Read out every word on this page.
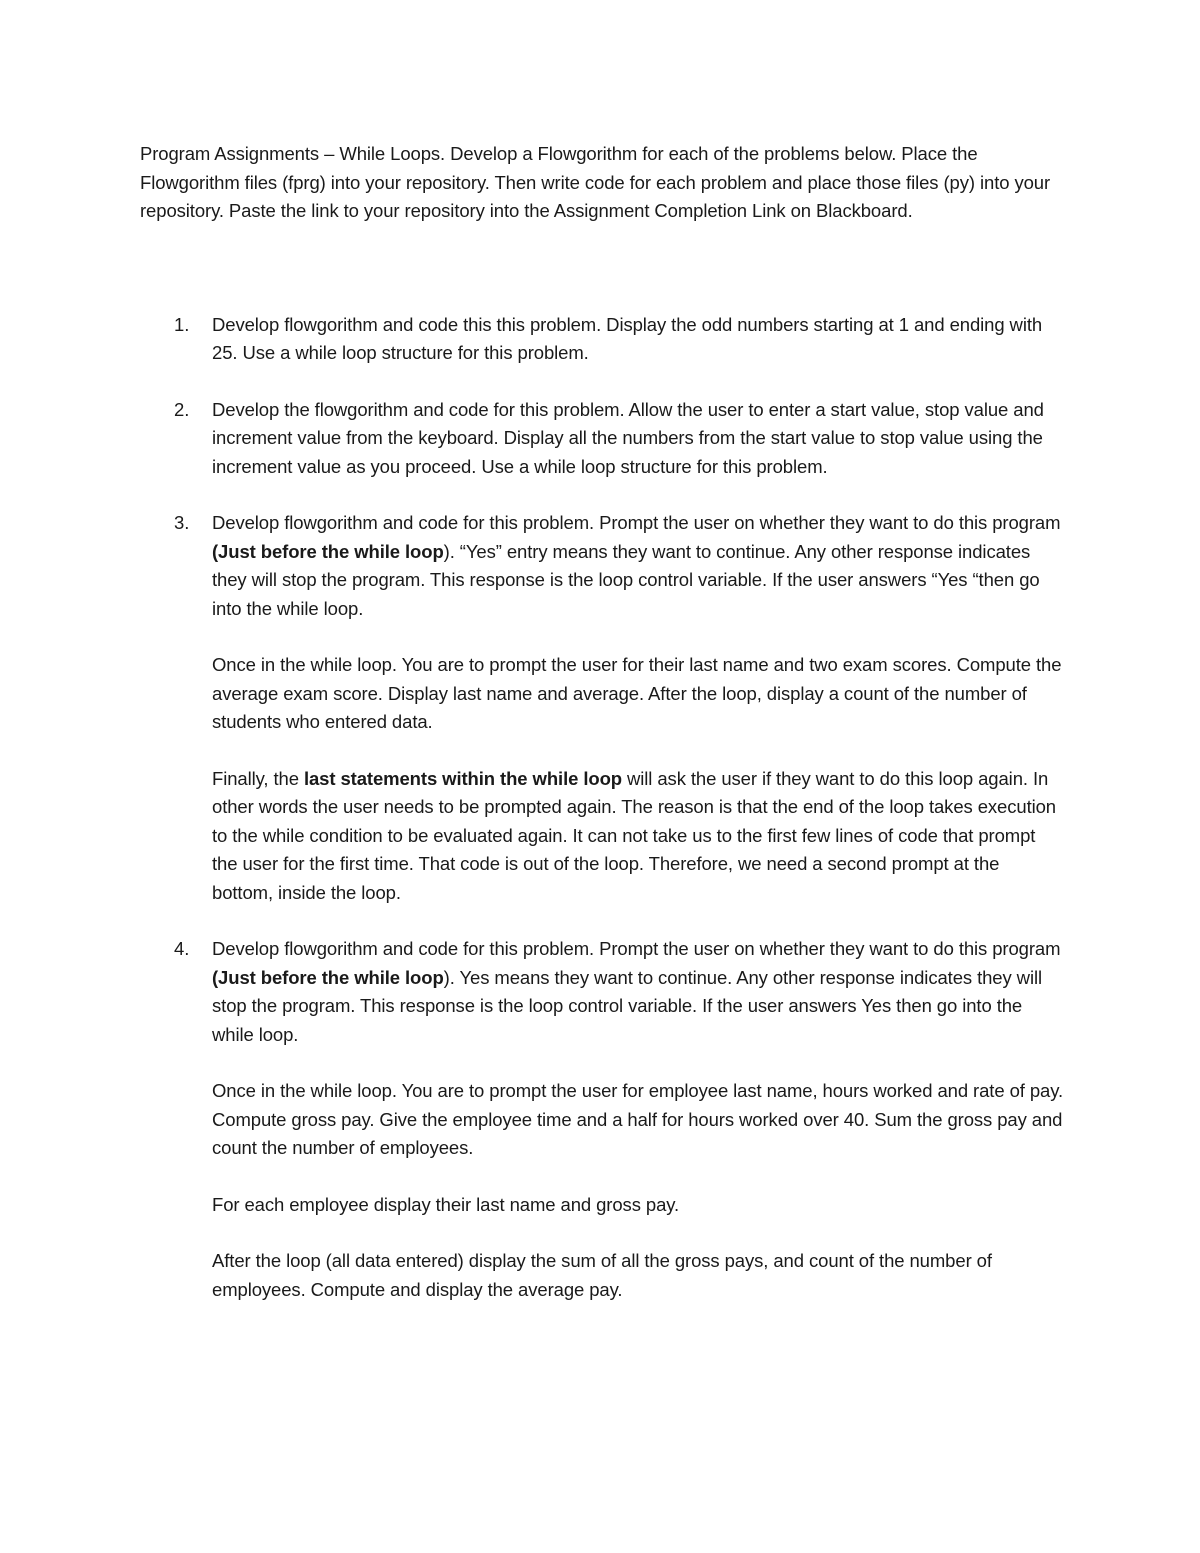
Program Assignments – While Loops. Develop a Flowgorithm for each of the problems below. Place the Flowgorithm files (fprg) into your repository. Then write code for each problem and place those files (py) into your repository. Paste the link to your repository into the Assignment Completion Link on Blackboard.

1. Develop flowgorithm and code this this problem. Display the odd numbers starting at 1 and ending with 25. Use a while loop structure for this problem.

2. Develop the flowgorithm and code for this problem. Allow the user to enter a start value, stop value and increment value from the keyboard. Display all the numbers from the start value to stop value using the increment value as you proceed. Use a while loop structure for this problem.

3. Develop flowgorithm and code for this problem. Prompt the user on whether they want to do this program (Just before the while loop). “Yes” entry means they want to continue. Any other response indicates they will stop the program. This response is the loop control variable. If the user answers “Yes “then go into the while loop.

Once in the while loop. You are to prompt the user for their last name and two exam scores. Compute the average exam score. Display last name and average. After the loop, display a count of the number of students who entered data.

Finally, the last statements within the while loop will ask the user if they want to do this loop again. In other words the user needs to be prompted again. The reason is that the end of the loop takes execution to the while condition to be evaluated again. It can not take us to the first few lines of code that prompt the user for the first time. That code is out of the loop. Therefore, we need a second prompt at the bottom, inside the loop.

4. Develop flowgorithm and code for this problem. Prompt the user on whether they want to do this program (Just before the while loop). Yes means they want to continue. Any other response indicates they will stop the program. This response is the loop control variable. If the user answers Yes then go into the while loop.

Once in the while loop. You are to prompt the user for employee last name, hours worked and rate of pay. Compute gross pay. Give the employee time and a half for hours worked over 40. Sum the gross pay and count the number of employees.

For each employee display their last name and gross pay.

After the loop (all data entered) display the sum of all the gross pays, and count of the number of employees. Compute and display the average pay.
